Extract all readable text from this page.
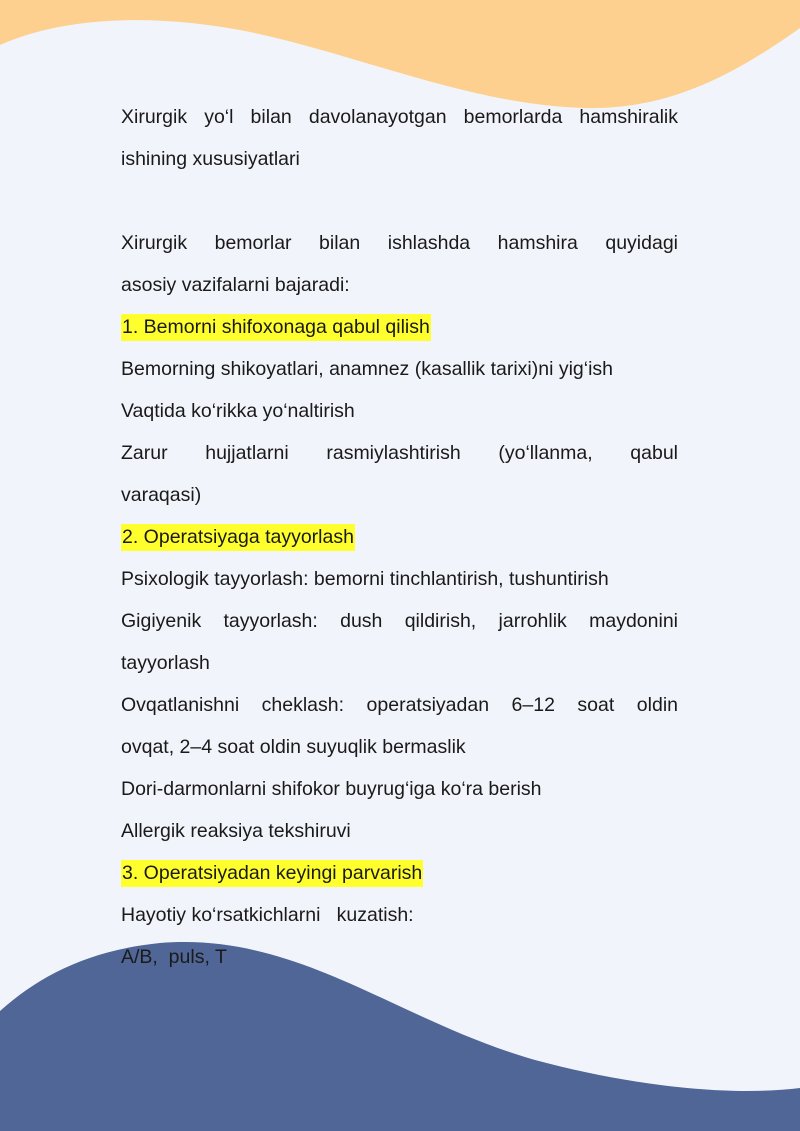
Xirurgik yo‘l bilan davolanayotgan bemorlarda hamshiralik

ishining xususiyatlari

Xirurgik bemorlar bilan ishlashda hamshira quyidagi

asosiy vazifalarni bajaradi:

1. Bemorni shifoxonaga qabul qilish

Bemorning shikoyatlari, anamnez (kasallik tarixi)ni yig‘ish

Vaqtida ko‘rikka yo‘naltirish

Zarur hujjatlarni rasmiylashtirish (yo‘llanma, qabul

varaqasi)

2. Operatsiyaga tayyorlash

Psixologik tayyorlash: bemorni tinchlantirish, tushuntirish

Gigiyenik tayyorlash: dush qildirish, jarrohlik maydonini

tayyorlash

Ovqatlanishni cheklash: operatsiyadan 6–12 soat oldin

ovqat, 2–4 soat oldin suyuqlik bermaslik

Dori-darmonlarni shifokor buyrug‘iga ko‘ra berish

Allergik reaksiya tekshiruvi

3. Operatsiyadan keyingi parvarish

Hayotiy ko‘rsatkichlarni   kuzatish:

A/B,  puls, T
